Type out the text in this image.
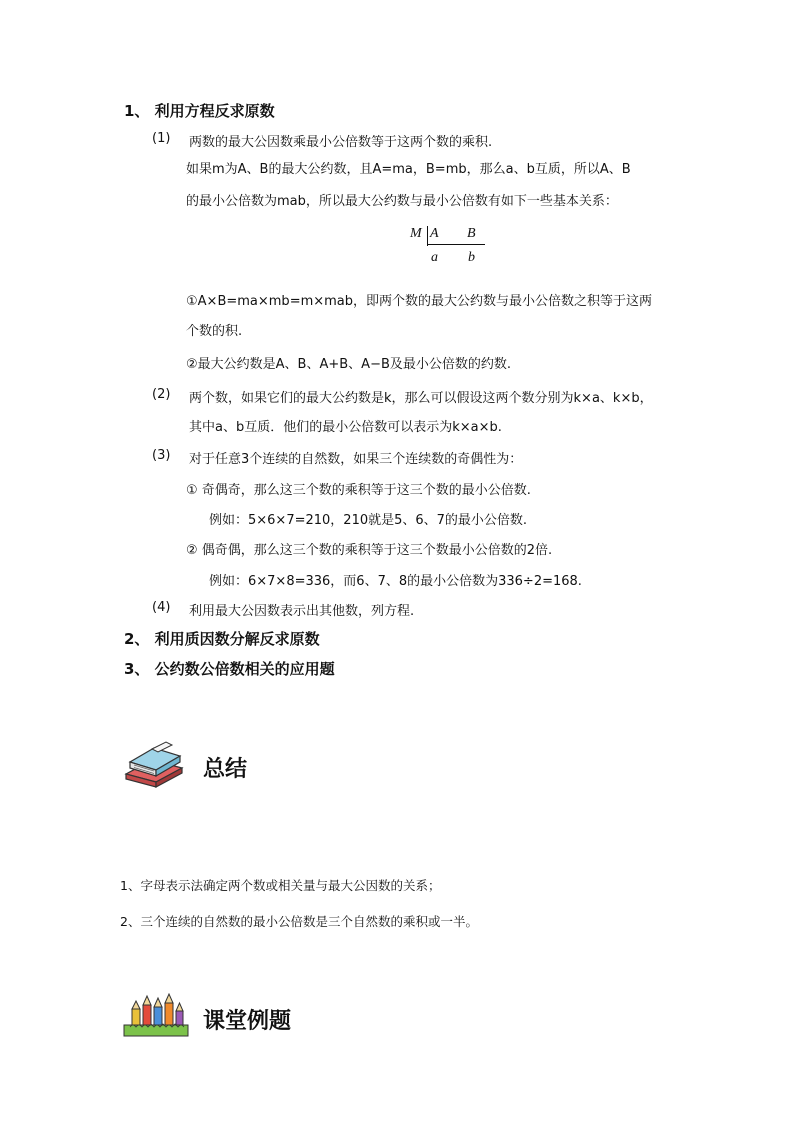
1、 利用方程反求原数
(1) 两数的最大公因数乘最小公倍数等于这两个数的乘积.
如果m为A、B的最大公约数，且A=ma，B=mb，那么a、b互质，所以A、B
的最小公倍数为mab，所以最大公约数与最小公倍数有如下一些基本关系：
M A B
a b
①A×B=ma×mb=m×mab，即两个数的最大公约数与最小公倍数之积等于这两
个数的积.
②最大公约数是A、B、A+B、A−B及最小公倍数的约数.
(2) 两个数，如果它们的最大公约数是k，那么可以假设这两个数分别为k×a、k×b，
其中a、b互质．他们的最小公倍数可以表示为k×a×b.
(3) 对于任意3个连续的自然数，如果三个连续数的奇偶性为：
① 奇偶奇，那么这三个数的乘积等于这三个数的最小公倍数.
例如：5×6×7=210，210就是5、6、7的最小公倍数.
② 偶奇偶，那么这三个数的乘积等于这三个数最小公倍数的2倍.
例如：6×7×8=336，而6、7、8的最小公倍数为336÷2=168.
(4) 利用最大公因数表示出其他数，列方程.
2、 利用质因数分解反求原数
3、 公约数公倍数相关的应用题
总结
1、字母表示法确定两个数或相关量与最大公因数的关系；
2、三个连续的自然数的最小公倍数是三个自然数的乘积或一半。
课堂例题
